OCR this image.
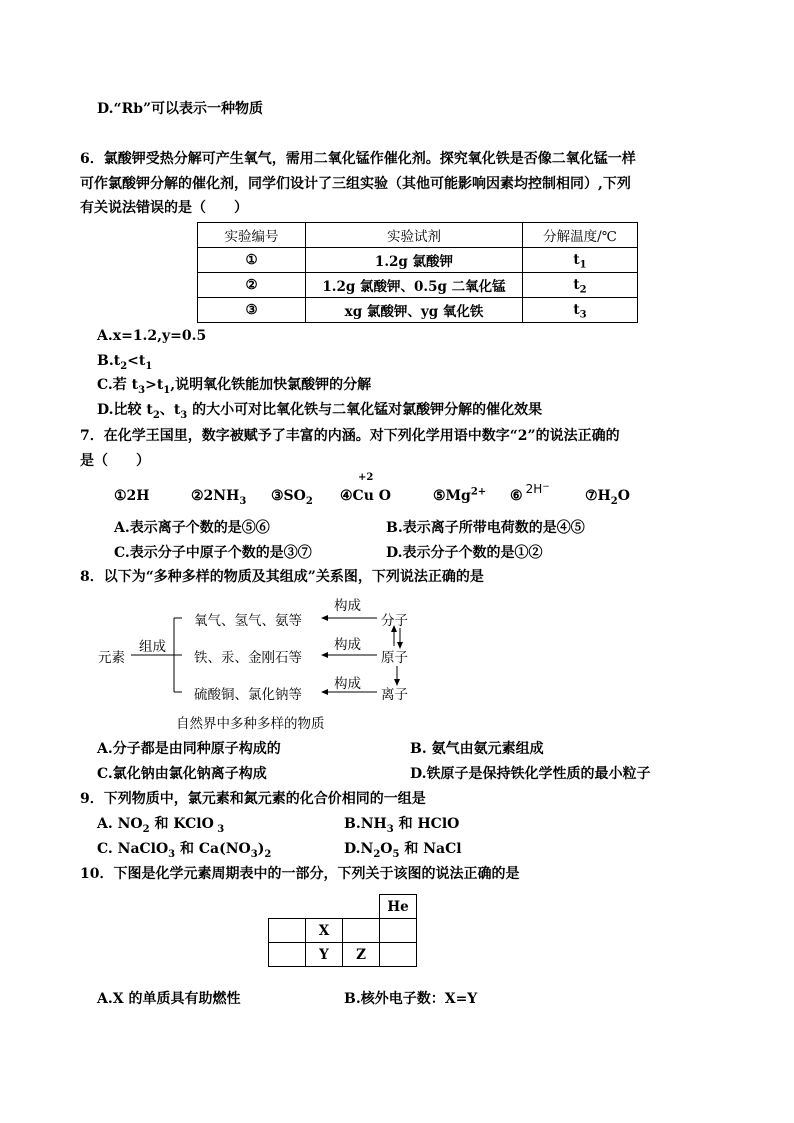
D.“Rb”可以表示一种物质
6．氯酸钾受热分解可产生氧气，需用二氧化锰作催化剂。探究氧化铁是否像二氧化锰一样
可作氯酸钾分解的催化剂，同学们设计了三组实验（其他可能影响因素均控制相同）,下列
有关说法错误的是（　　）
实验编号	实验试剂	分解温度/℃
①	1.2g 氯酸钾	$t_1$
②	1.2g 氯酸钾、0.5g 二氧化锰	$t_2$
③	xg 氯酸钾、yg 氧化铁	$t_3$
A.x=1.2,y=0.5
$B.t_2<t_1$
C.若 $t_3>t_1$,说明氧化铁能加快氯酸钾的分解
D.比较 $t_2$、$t_3$ 的大小可对比氧化铁与二氧化锰对氯酸钾分解的催化效果
7．在化学王国里，数字被赋予了丰富的内涵。对下列化学用语中数字“2”的说法正确的
是（　　）
①2H	$②2NH_3$ $③SO_2$
+2
④Cu O	$⑤Mg^{2+}$ ⑥ 2H−
$⑦H_2O$
A.表示离子个数的是⑤⑥	B.表示离子所带电荷数的是④⑤
C.表示分子中原子个数的是③⑦	D.表示分子个数的是①②
8．以下为“多种多样的物质及其组成”关系图，下列说法正确的是
元素
组成
氧气、氢气、氨等
铁、汞、金刚石等
硫酸铜、氯化钠等
构成
构成
构成
分子
原子
离子
自然界中多种多样的物质
A.分子都是由同种原子构成的	B. 氨气由氨元素组成
C.氯化钠由氯化钠离子构成	D.铁原子是保持铁化学性质的最小粒子
9．下列物质中，氯元素和氮元素的化合价相同的一组是
A. $NO_2$ 和 KClO $_3$	$B.NH_3$ 和 HClO
C. NaClO$_3$ 和 $Ca(NO_3)_2$	$D.N_2O_5$ 和 NaCl
10．下图是化学元素周期表中的一部分，下列关于该图的说法正确的是
			He
	X		
	Y	Z	
A.X 的单质具有助燃性	B.核外电子数：X=Y
